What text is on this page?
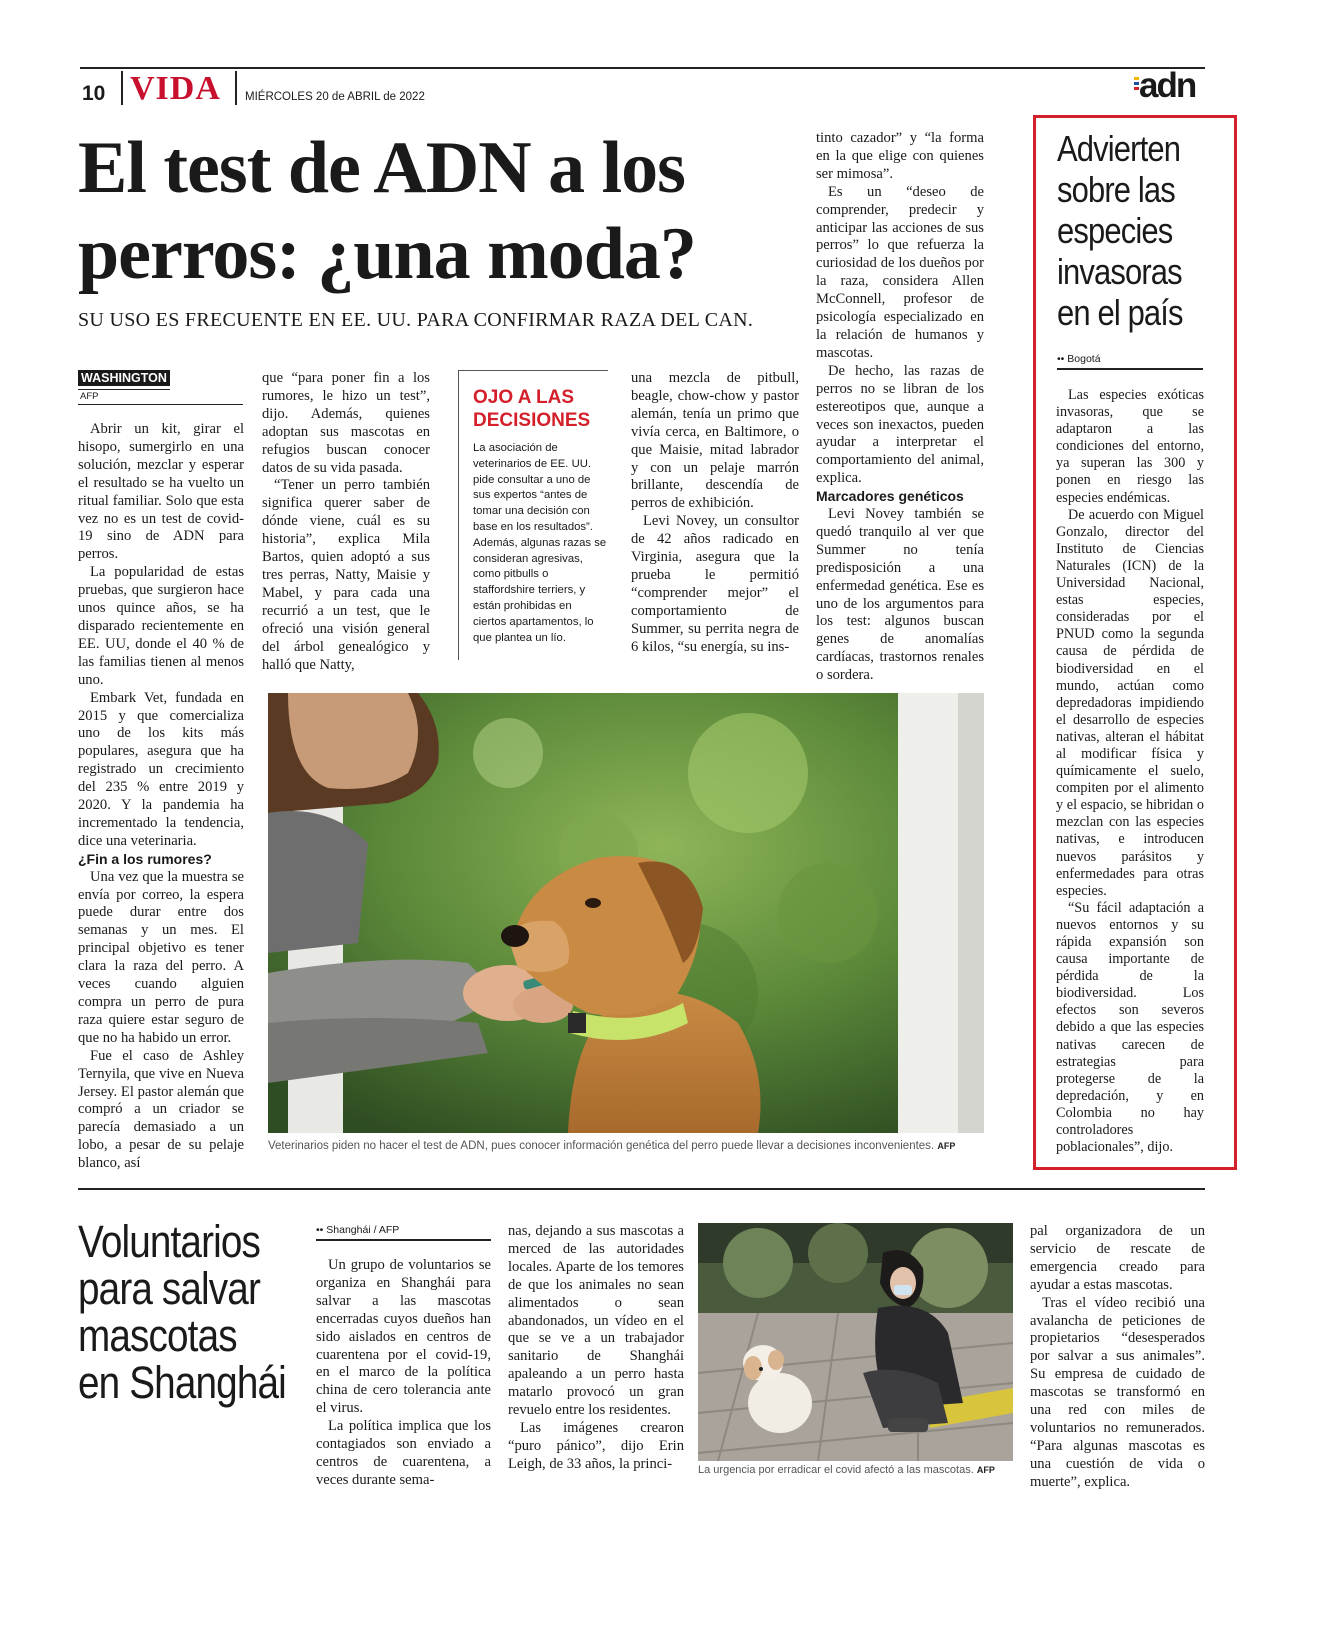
10 VIDA MIÉRCOLES 20 de ABRIL de 2022	adn
El test de ADN a los
perros: ¿una moda?
SU USO ES FRECUENTE EN EE. UU. PARA CONFIRMAR RAZA DEL CAN.
WASHINGTON
AFP

Abrir un kit, girar el hisopo, sumergirlo en una solución, mezclar y esperar el resultado se ha vuelto un ritual familiar. Solo que esta vez no es un test de covid-19 sino de ADN para perros.

La popularidad de estas pruebas, que surgieron hace unos quince años, se ha disparado recientemente en EE. UU, donde el 40 % de las familias tienen al menos uno.

Embark Vet, fundada en 2015 y que comercializa uno de los kits más populares, asegura que ha registrado un crecimiento del 235 % entre 2019 y 2020. Y la pandemia ha incrementado la tendencia, dice una veterinaria.

¿Fin a los rumores?

Una vez que la muestra se envía por correo, la espera puede durar entre dos semanas y un mes. El principal objetivo es tener clara la raza del perro. A veces cuando alguien compra un perro de pura raza quiere estar seguro de que no ha habido un error.

Fue el caso de Ashley Ternyila, que vive en Nueva Jersey. El pastor alemán que compró a un criador se parecía demasiado a un lobo, a pesar de su pelaje blanco, así

que “para poner fin a los rumores, le hizo un test”, dijo. Además, quienes adoptan sus mascotas en refugios buscan conocer datos de su vida pasada.

“Tener un perro también significa querer saber de dónde viene, cuál es su historia”, explica Mila Bartos, quien adoptó a sus tres perras, Natty, Maisie y Mabel, y para cada una recurrió a un test, que le ofreció una visión general del árbol genealógico y halló que Natty,

OJO A LAS
DECISIONES
La asociación de veterinarios de EE. UU. pide consultar a uno de sus expertos “antes de tomar una decisión con base en los resultados”. Además, algunas razas se consideran agresivas, como pitbulls o staffordshire terriers, y están prohibidas en ciertos apartamentos, lo que plantea un lío.

una mezcla de pitbull, beagle, chow-chow y pastor alemán, tenía un primo que vivía cerca, en Baltimore, o que Maisie, mitad labrador y con un pelaje marrón brillante, descendía de perros de exhibición.

Levi Novey, un consultor de 42 años radicado en Virginia, asegura que la prueba le permitió “comprender mejor” el comportamiento de Summer, su perrita negra de 6 kilos, “su energía, su ins-

tinto cazador” y “la forma en la que elige con quienes ser mimosa”.

Es un “deseo de comprender, predecir y anticipar las acciones de sus perros” lo que refuerza la curiosidad de los dueños por la raza, considera Allen McConnell, profesor de psicología especializado en la relación de humanos y mascotas.

De hecho, las razas de perros no se libran de los estereotipos que, aunque a veces son inexactos, pueden ayudar a interpretar el comportamiento del animal, explica.

Marcadores genéticos

Levi Novey también se quedó tranquilo al ver que Summer no tenía predisposición a una enfermedad genética. Ese es uno de los argumentos para los test: algunos buscan genes de anomalías cardíacas, trastornos renales o sordera.

Veterinarios piden no hacer el test de ADN, pues conocer información genética del perro puede llevar a decisiones inconvenientes. AFP
Advierten
sobre las
especies
invasoras
en el país
•• Bogotá

Las especies exóticas invasoras, que se adaptaron a las condiciones del entorno, ya superan las 300 y ponen en riesgo las especies endémicas.

De acuerdo con Miguel Gonzalo, director del Instituto de Ciencias Naturales (ICN) de la Universidad Nacional, estas especies, consideradas por el PNUD como la segunda causa de pérdida de biodiversidad en el mundo, actúan como depredadoras impidiendo el desarrollo de especies nativas, alteran el hábitat al modificar física y químicamente el suelo, compiten por el alimento y el espacio, se hibridan o mezclan con las especies nativas, e introducen nuevos parásitos y enfermedades para otras especies.

“Su fácil adaptación a nuevos entornos y su rápida expansión son causa importante de pérdida de la biodiversidad. Los efectos son severos debido a que las especies nativas carecen de estrategias para protegerse de la depredación, y en Colombia no hay controladores poblacionales”, dijo.

Voluntarios
para salvar
mascotas
en Shanghái
•• Shanghái / AFP

Un grupo de voluntarios se organiza en Shanghái para salvar a las mascotas encerradas cuyos dueños han sido aislados en centros de cuarentena por el covid-19, en el marco de la política china de cero tolerancia ante el virus.

La política implica que los contagiados son enviado a centros de cuarentena, a veces durante sema-

nas, dejando a sus mascotas a merced de las autoridades locales. Aparte de los temores de que los animales no sean alimentados o sean abandonados, un vídeo en el que se ve a un trabajador sanitario de Shanghái apaleando a un perro hasta matarlo provocó un gran revuelo entre los residentes.

Las imágenes crearon “puro pánico”, dijo Erin Leigh, de 33 años, la princi-	La urgencia por erradicar el covid afectó a las mascotas. AFP

pal organizadora de un servicio de rescate de emergencia creado para ayudar a estas mascotas.

Tras el vídeo recibió una avalancha de peticiones de propietarios “desesperados por salvar a sus animales”. Su empresa de cuidado de mascotas se transformó en una red con miles de voluntarios no remunerados. “Para algunas mascotas es una cuestión de vida o muerte”, explica.
